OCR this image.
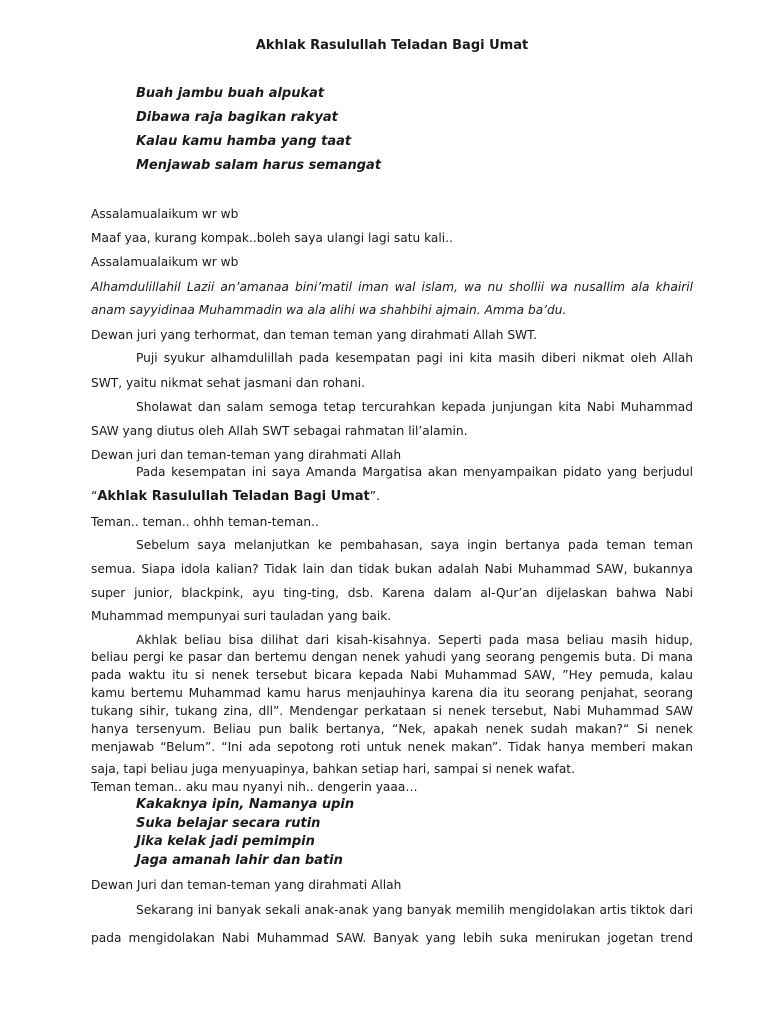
Akhlak Rasulullah Teladan Bagi Umat
Buah jambu buah alpukat
Dibawa raja bagikan rakyat
Kalau kamu hamba yang taat
Menjawab salam harus semangat
Assalamualaikum wr wb
Maaf yaa, kurang kompak..boleh saya ulangi lagi satu kali..
Assalamualaikum wr wb
Alhamdulillahil Lazii an’amanaa bini’matil iman wal islam, wa nu shollii wa nusallim ala khairil
anam sayyidinaa Muhammadin wa ala alihi wa shahbihi ajmain. Amma ba’du.
Dewan juri yang terhormat, dan teman teman yang dirahmati Allah SWT.
Puji syukur alhamdulillah pada kesempatan pagi ini kita masih diberi nikmat oleh Allah
SWT, yaitu nikmat sehat jasmani dan rohani.
Sholawat dan salam semoga tetap tercurahkan kepada junjungan kita Nabi Muhammad
SAW yang diutus oleh Allah SWT sebagai rahmatan lil’alamin.
Dewan juri dan teman-teman yang dirahmati Allah
Pada kesempatan ini saya Amanda Margatisa akan menyampaikan pidato yang berjudul
“Akhlak Rasulullah Teladan Bagi Umat”.
Teman.. teman.. ohhh teman-teman..
Sebelum saya melanjutkan ke pembahasan, saya ingin bertanya pada teman teman
semua. Siapa idola kalian? Tidak lain dan tidak bukan adalah Nabi Muhammad SAW, bukannya
super junior, blackpink, ayu ting-ting, dsb. Karena dalam al-Qur’an dijelaskan bahwa Nabi
Muhammad mempunyai suri tauladan yang baik.
Akhlak beliau bisa dilihat dari kisah-kisahnya. Seperti pada masa beliau masih hidup,
beliau pergi ke pasar dan bertemu dengan nenek yahudi yang seorang pengemis buta. Di mana
pada waktu itu si nenek tersebut bicara kepada Nabi Muhammad SAW, ”Hey pemuda, kalau
kamu bertemu Muhammad kamu harus menjauhinya karena dia itu seorang penjahat, seorang
tukang sihir, tukang zina, dll”. Mendengar perkataan si nenek tersebut, Nabi Muhammad SAW
hanya tersenyum. Beliau pun balik bertanya, “Nek, apakah nenek sudah makan?“ Si nenek
menjawab “Belum”. “Ini ada sepotong roti untuk nenek makan”. Tidak hanya memberi makan
saja, tapi beliau juga menyuapinya, bahkan setiap hari, sampai si nenek wafat.
Teman teman.. aku mau nyanyi nih.. dengerin yaaa…
Kakaknya ipin, Namanya upin
Suka belajar secara rutin
Jika kelak jadi pemimpin
Jaga amanah lahir dan batin
Dewan Juri dan teman-teman yang dirahmati Allah
Sekarang ini banyak sekali anak-anak yang banyak memilih mengidolakan artis tiktok dari
pada mengidolakan Nabi Muhammad SAW. Banyak yang lebih suka menirukan jogetan trend
